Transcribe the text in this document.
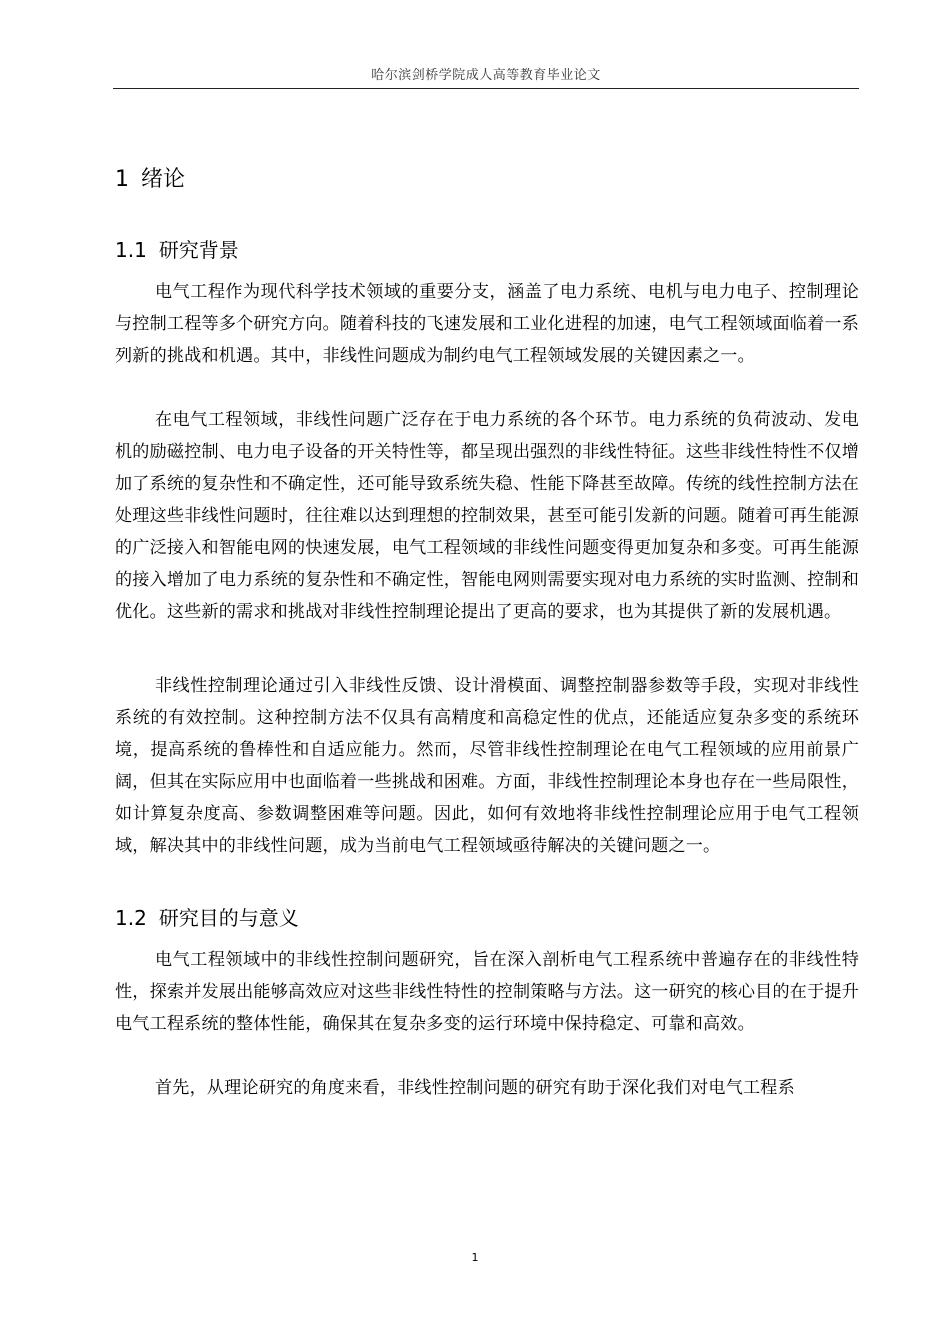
哈尔滨剑桥学院成人高等教育毕业论文
1 绪论
1.1 研究背景

电气工程作为现代科学技术领域的重要分支，涵盖了电力系统、电机与电力电子、控制理论与控制工程等多个研究方向。随着科技的飞速发展和工业化进程的加速，电气工程领域面临着一系列新的挑战和机遇。其中，非线性问题成为制约电气工程领域发展的关键因素之一。

在电气工程领域，非线性问题广泛存在于电力系统的各个环节。电力系统的负荷波动、发电机的励磁控制、电力电子设备的开关特性等，都呈现出强烈的非线性特征。这些非线性特性不仅增加了系统的复杂性和不确定性，还可能导致系统失稳、性能下降甚至故障。传统的线性控制方法在处理这些非线性问题时，往往难以达到理想的控制效果，甚至可能引发新的问题。随着可再生能源的广泛接入和智能电网的快速发展，电气工程领域的非线性问题变得更加复杂和多变。可再生能源的接入增加了电力系统的复杂性和不确定性，智能电网则需要实现对电力系统的实时监测、控制和优化。这些新的需求和挑战对非线性控制理论提出了更高的要求，也为其提供了新的发展机遇。

非线性控制理论通过引入非线性反馈、设计滑模面、调整控制器参数等手段，实现对非线性系统的有效控制。这种控制方法不仅具有高精度和高稳定性的优点，还能适应复杂多变的系统环境，提高系统的鲁棒性和自适应能力。然而，尽管非线性控制理论在电气工程领域的应用前景广阔，但其在实际应用中也面临着一些挑战和困难。方面，非线性控制理论本身也存在一些局限性，如计算复杂度高、参数调整困难等问题。因此，如何有效地将非线性控制理论应用于电气工程领域，解决其中的非线性问题，成为当前电气工程领域亟待解决的关键问题之一。

1.2 研究目的与意义

电气工程领域中的非线性控制问题研究，旨在深入剖析电气工程系统中普遍存在的非线性特性，探索并发展出能够高效应对这些非线性特性的控制策略与方法。这一研究的核心目的在于提升电气工程系统的整体性能，确保其在复杂多变的运行环境中保持稳定、可靠和高效。

首先，从理论研究的角度来看，非线性控制问题的研究有助于深化我们对电气工程系

1
